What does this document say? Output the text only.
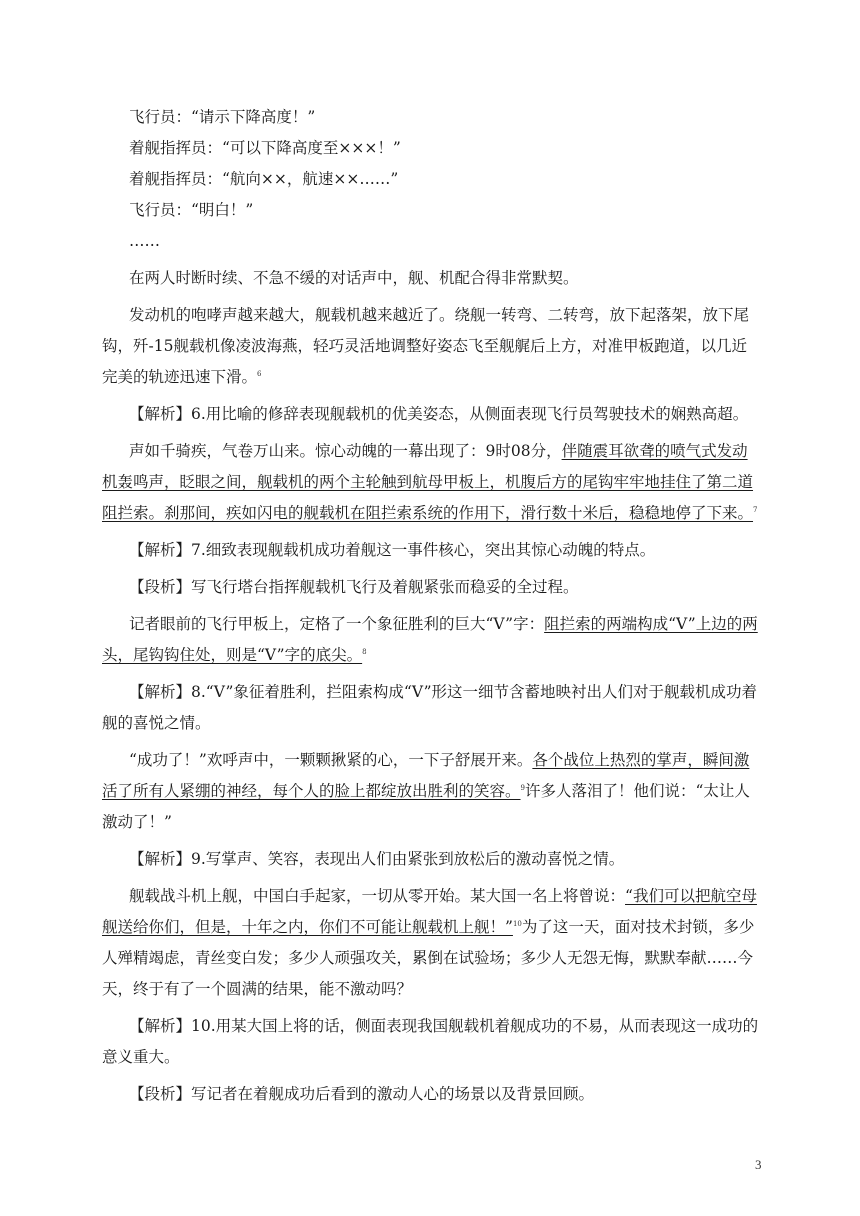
飞行员：“请示下降高度！”

着舰指挥员：“可以下降高度至×××！”

着舰指挥员：“航向××，航速××……”

飞行员：“明白！”

……

在两人时断时续、不急不缓的对话声中，舰、机配合得非常默契。

发动机的咆哮声越来越大，舰载机越来越近了。绕舰一转弯、二转弯，放下起落架，放下尾钩，歼-15舰载机像凌波海燕，轻巧灵活地调整好姿态飞至舰艉后上方，对准甲板跑道，以几近完美的轨迹迅速下滑。$^6$

【解析】6.用比喻的修辞表现舰载机的优美姿态，从侧面表现飞行员驾驶技术的娴熟高超。

声如千骑疾，气卷万山来。惊心动魄的一幕出现了：9时08分，伴随震耳欲聋的喷气式发动机轰鸣声，眨眼之间，舰载机的两个主轮触到航母甲板上，机腹后方的尾钩牢牢地挂住了第二道阻拦索。刹那间，疾如闪电的舰载机在阻拦索系统的作用下，滑行数十米后，稳稳地停了下来。$^7$

【解析】7.细致表现舰载机成功着舰这一事件核心，突出其惊心动魄的特点。

【段析】写飞行塔台指挥舰载机飞行及着舰紧张而稳妥的全过程。

记者眼前的飞行甲板上，定格了一个象征胜利的巨大“V”字：阻拦索的两端构成“V”上边的两头，尾钩钩住处，则是“V”字的底尖。$^8$

【解析】8.“V”象征着胜利，拦阻索构成“V”形这一细节含蓄地映衬出人们对于舰载机成功着舰的喜悦之情。

“成功了！”欢呼声中，一颗颗揪紧的心，一下子舒展开来。各个战位上热烈的掌声，瞬间激活了所有人紧绷的神经，每个人的脸上都绽放出胜利的笑容。$^9$许多人落泪了！他们说：“太让人激动了！”

【解析】9.写掌声、笑容，表现出人们由紧张到放松后的激动喜悦之情。

舰载战斗机上舰，中国白手起家，一切从零开始。某大国一名上将曾说：“我们可以把航空母舰送给你们，但是，十年之内，你们不可能让舰载机上舰！”$^{10}$为了这一天，面对技术封锁，多少人殚精竭虑，青丝变白发；多少人顽强攻关，累倒在试验场；多少人无怨无悔，默默奉献……今天，终于有了一个圆满的结果，能不激动吗？

【解析】10.用某大国上将的话，侧面表现我国舰载机着舰成功的不易，从而表现这一成功的意义重大。

【段析】写记者在着舰成功后看到的激动人心的场景以及背景回顾。

3
